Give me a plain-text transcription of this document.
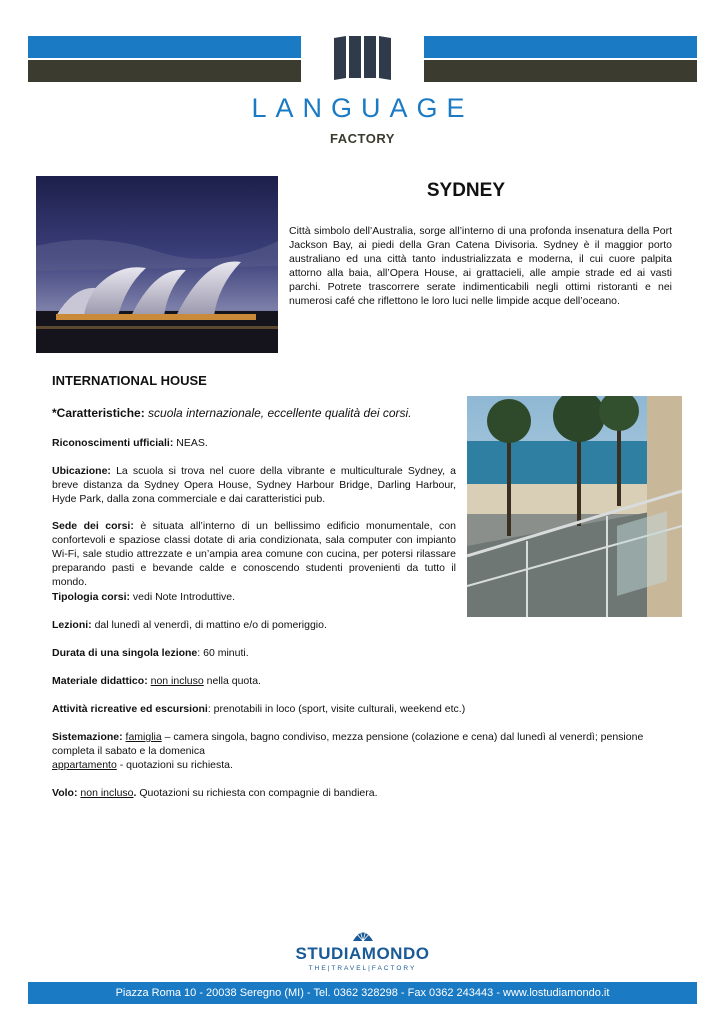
LANGUAGE
FACTORY
SYDNEY
Città simbolo dell’Australia, sorge all’interno di una profonda insenatura della Port Jackson Bay, ai piedi della Gran Catena Divisoria. Sydney è il maggior porto australiano ed una città tanto industrializzata e moderna, il cui cuore palpita attorno alla baia, all’Opera House, ai grattacieli, alle ampie strade ed ai vasti parchi. Potrete trascorrere serate indimenticabili negli ottimi ristoranti e nei numerosi café che riflettono le loro luci nelle limpide acque dell’oceano.
INTERNATIONAL HOUSE
*Caratteristiche: scuola internazionale, eccellente qualità dei corsi.
Riconoscimenti ufficiali: NEAS.
Ubicazione: La scuola si trova nel cuore della vibrante e multiculturale Sydney, a breve distanza da Sydney Opera House, Sydney Harbour Bridge, Darling Harbour, Hyde Park, dalla zona commerciale e dai caratteristici pub.
Sede dei corsi: è situata all’interno di un bellissimo edificio monumentale, con confortevoli e spaziose classi dotate di aria condizionata, sala computer con impianto Wi-Fi, sale studio attrezzate e un’ampia area comune con cucina, per potersi rilassare preparando pasti e bevande calde e conoscendo studenti provenienti da tutto il mondo.
Tipologia corsi: vedi Note Introduttive.
Lezioni: dal lunedì al venerdì, di mattino e/o di pomeriggio.
Durata di una singola lezione: 60 minuti.
Materiale didattico: non incluso nella quota.
Attività ricreative ed escursioni: prenotabili in loco (sport, visite culturali, weekend etc.)
Sistemazione: famiglia – camera singola, bagno condiviso, mezza pensione (colazione e cena) dal lunedì al venerdì; pensione completa il sabato e la domenica
appartamento - quotazioni su richiesta.
Volo: non incluso. Quotazioni su richiesta con compagnie di bandiera.
STUDIAMONDO
THE|TRAVEL|FACTORY
Piazza Roma 10 - 20038 Seregno (MI) - Tel. 0362 328298 - Fax 0362 243443 - www.lostudiamondo.it
